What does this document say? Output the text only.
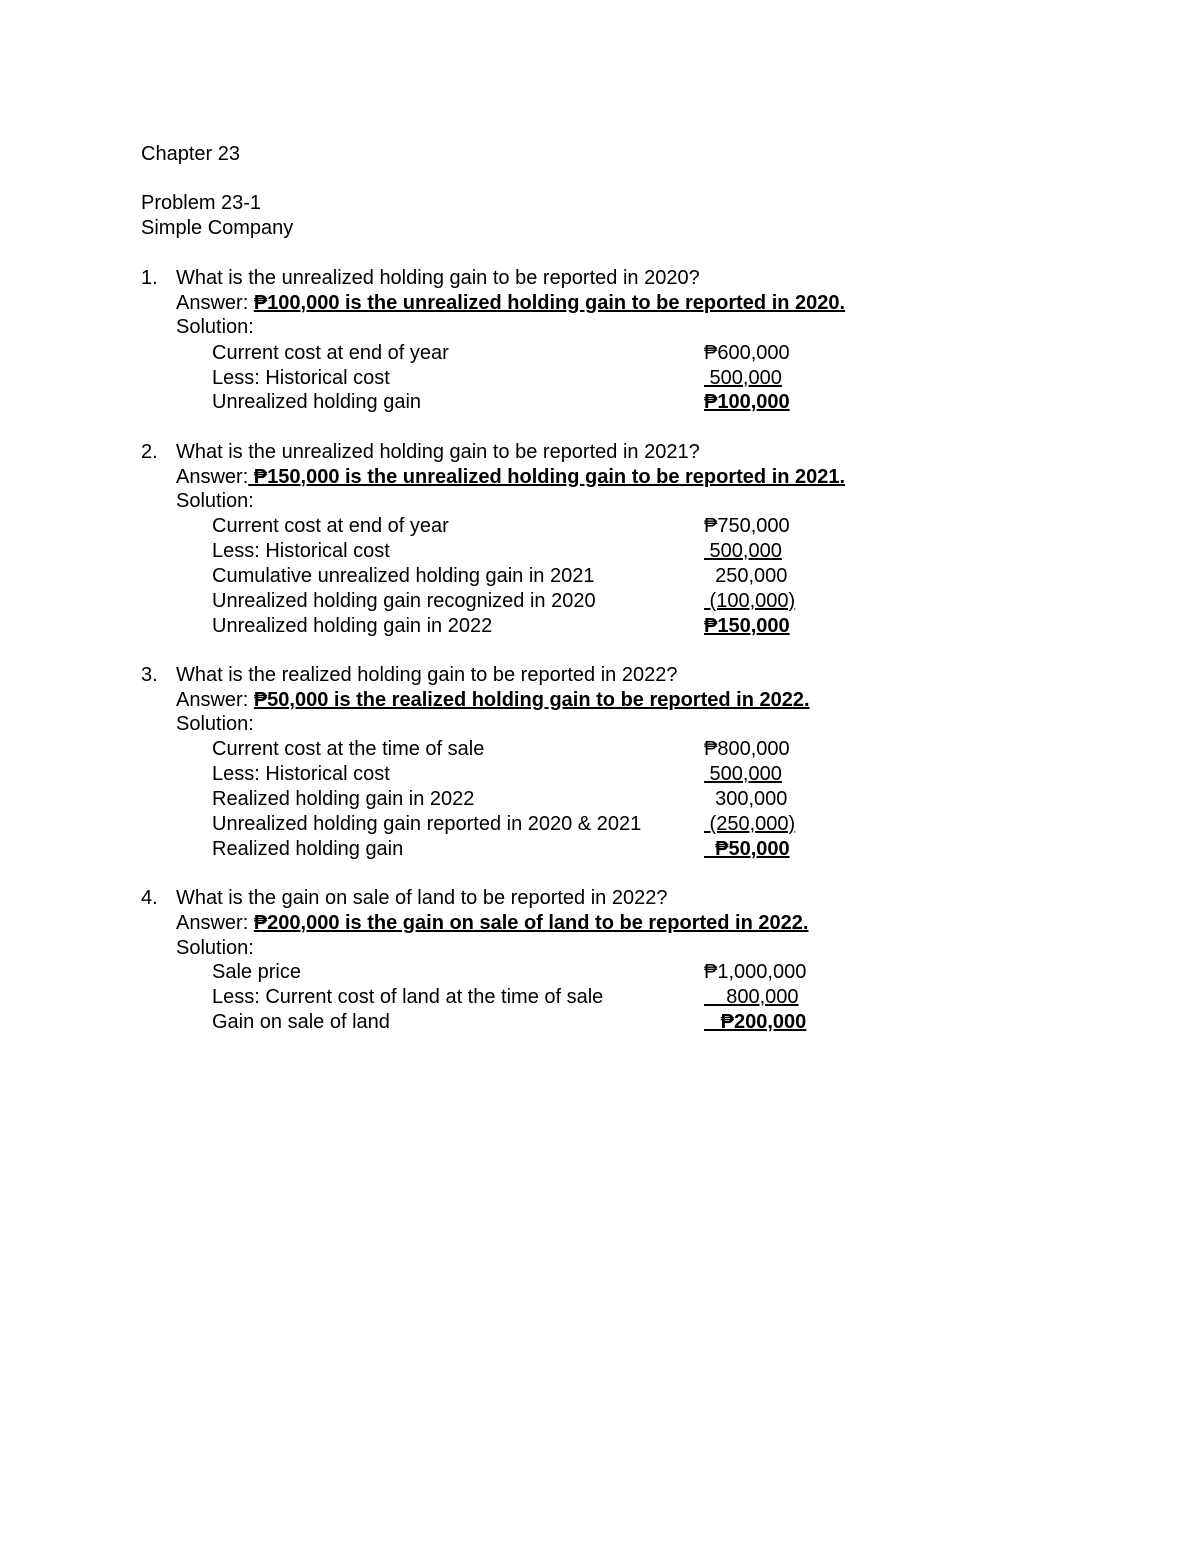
Chapter 23
Problem 23-1
Simple Company
1. What is the unrealized holding gain to be reported in 2020?
Answer: ₱100,000 is the unrealized holding gain to be reported in 2020.
Solution:
Current cost at end of year	₱600,000
Less: Historical cost	500,000
Unrealized holding gain	₱100,000
2. What is the unrealized holding gain to be reported in 2021?
Answer: ₱150,000 is the unrealized holding gain to be reported in 2021.
Solution:
Current cost at end of year	₱750,000
Less: Historical cost	500,000
Cumulative unrealized holding gain in 2021	250,000
Unrealized holding gain recognized in 2020	(100,000)
Unrealized holding gain in 2022	₱150,000
3. What is the realized holding gain to be reported in 2022?
Answer: ₱50,000 is the realized holding gain to be reported in 2022.
Solution:
Current cost at the time of sale	₱800,000
Less: Historical cost	500,000
Realized holding gain in 2022	300,000
Unrealized holding gain reported in 2020 & 2021	(250,000)
Realized holding gain	₱50,000
4. What is the gain on sale of land to be reported in 2022?
Answer: ₱200,000 is the gain on sale of land to be reported in 2022.
Solution:
Sale price	₱1,000,000
Less: Current cost of land at the time of sale	800,000
Gain on sale of land	₱200,000
